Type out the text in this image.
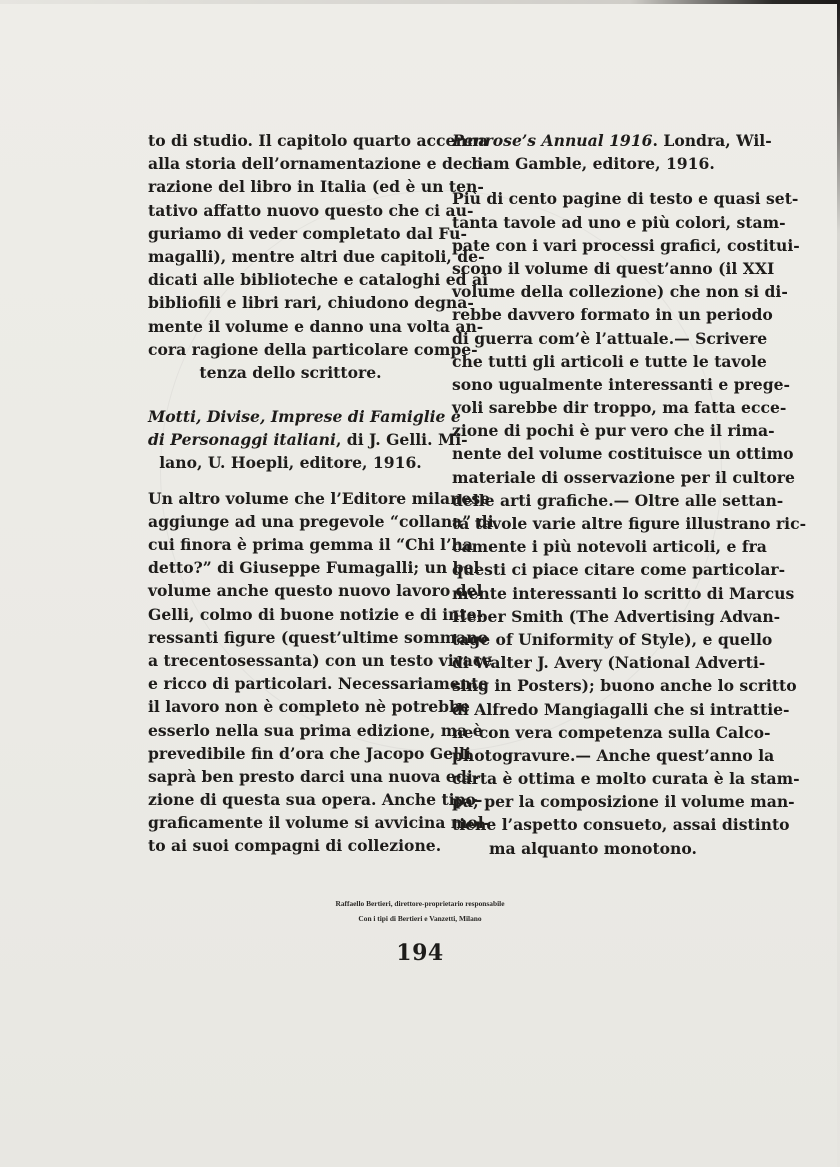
to di studio. Il capitolo quarto accenna
alla storia dell’ornamentazione e deco-
razione del libro in Italia (ed è un ten-
tativo affatto nuovo questo che ci au-
guriamo di veder completato dal Fu-
magalli), mentre altri due capitoli, de-
dicati alle biblioteche e cataloghi ed ai
bibliofili e libri rari, chiudono degna-
mente il volume e danno una volta an-
cora ragione della particolare compe-
tenza dello scrittore.
Motti, Divise, Imprese di Famiglie e
di Personaggi italiani, di J. Gelli. Mi-
lano, U. Hoepli, editore, 1916.
Un altro volume che l’Editore milanese
aggiunge ad una pregevole “collana” di
cui finora è prima gemma il “Chi l’ha
detto?” di Giuseppe Fumagalli; un bel
volume anche questo nuovo lavoro del
Gelli, colmo di buone notizie e di inte-
ressanti figure (quest’ultime sommano
a trecentosessanta) con un testo vivace
e ricco di particolari. Necessariamente
il lavoro non è completo nè potrebbe
esserlo nella sua prima edizione, ma è
prevedibile fin d’ora che Jacopo Gelli
saprà ben presto darci una nuova edi-
zione di questa sua opera. Anche tipo-
graficamente il volume si avvicina mol-
to ai suoi compagni di collezione.
Penrose’s Annual 1916. Londra, Wil-
liam Gamble, editore, 1916.
Più di cento pagine di testo e quasi set-
tanta tavole ad uno e più colori, stam-
pate con i vari processi grafici, costitui-
scono il volume di quest’anno (il XXI
volume della collezione) che non si di-
rebbe davvero formato in un periodo
di guerra com’è l’attuale.— Scrivere
che tutti gli articoli e tutte le tavole
sono ugualmente interessanti e prege-
voli sarebbe dir troppo, ma fatta ecce-
zione di pochi è pur vero che il rima-
nente del volume costituisce un ottimo
materiale di osservazione per il cultore
delle arti grafiche.— Oltre alle settan-
ta tavole varie altre figure illustrano ric-
camente i più notevoli articoli, e fra
questi ci piace citare come particolar-
mente interessanti lo scritto di Marcus
Heber Smith (The Advertising Advan-
tage of Uniformity of Style), e quello
di Walter J. Avery (National Adverti-
sing in Posters); buono anche lo scritto
di Alfredo Mangiagalli che si intrattie-
ne con vera competenza sulla Calco-
photogravure.— Anche quest’anno la
carta è ottima e molto curata è la stam-
pa; per la composizione il volume man-
tiene l’aspetto consueto, assai distinto
ma alquanto monotono.
Raffaello Bertieri, direttore-proprietario responsabile
Con i tipi di Bertieri e Vanzetti, Milano
194
